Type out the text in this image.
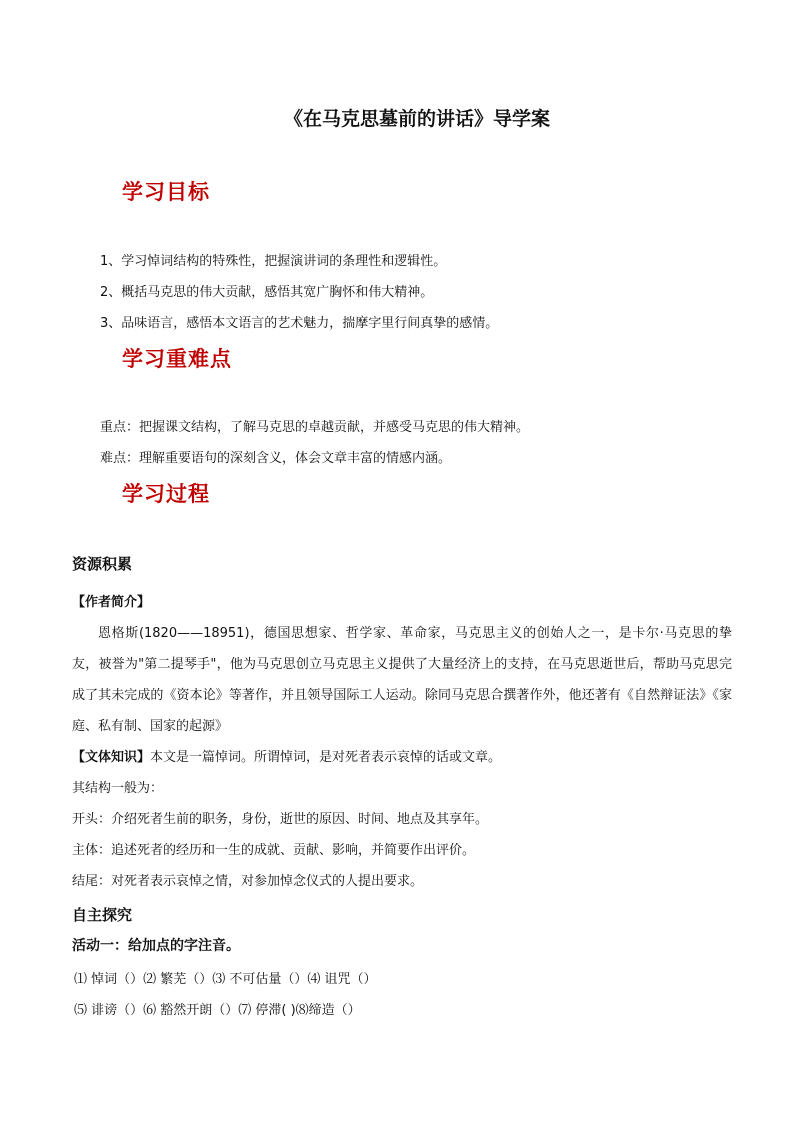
《在马克思墓前的讲话》导学案
学习目标
1、学习悼词结构的特殊性，把握演讲词的条理性和逻辑性。
2、概括马克思的伟大贡献，感悟其宽广胸怀和伟大精神。
3、品味语言，感悟本文语言的艺术魅力，揣摩字里行间真挚的感情。
学习重难点
重点：把握课文结构，了解马克思的卓越贡献，并感受马克思的伟大精神。
难点：理解重要语句的深刻含义，体会文章丰富的情感内涵。
学习过程
资源积累
【作者简介】
恩格斯(1820——18951)，德国思想家、哲学家、革命家，马克思主义的创始人之一，是卡尔·马克思的挚友，被誉为"第二提琴手"，他为马克思创立马克思主义提供了大量经济上的支持，在马克思逝世后，帮助马克思完成了其未完成的《资本论》等著作，并且领导国际工人运动。除同马克思合撰著作外，他还著有《自然辩证法》《家庭、私有制、国家的起源》
【文体知识】本文是一篇悼词。所谓悼词，是对死者表示哀悼的话或文章。
其结构一般为：
开头：介绍死者生前的职务，身份，逝世的原因、时间、地点及其享年。
主体：追述死者的经历和一生的成就、贡献、影响，并简要作出评价。
结尾：对死者表示哀悼之情，对参加悼念仪式的人提出要求。
自主探究
活动一：给加点的字注音。
⑴ 悼词（）⑵ 繁芜（）⑶ 不可估量（）⑷ 诅咒（）
⑸ 诽谤（）⑹ 豁然开朗（）⑺ 停滞( )⑻缔造（）
